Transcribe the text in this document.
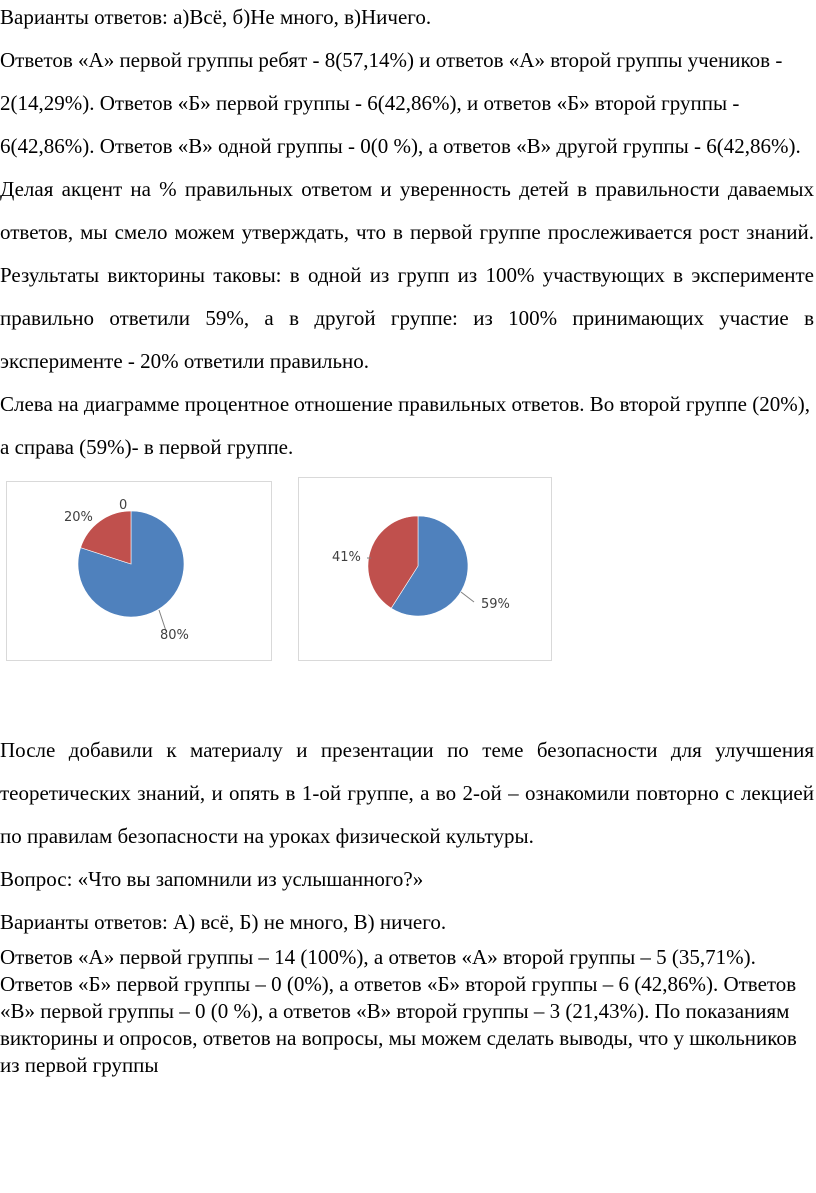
Варианты ответов: а)Всё, б)Не много, в)Ничего.

Ответов «А» первой группы ребят - 8(57,14%) и ответов «А» второй группы учеников - 2(14,29%). Ответов «Б» первой группы - 6(42,86%), и ответов «Б» второй группы - 6(42,86%). Ответов «В» одной группы - 0(0 %), а ответов «В» другой группы - 6(42,86%).

Делая акцент на % правильных ответом и уверенность детей в правильности даваемых ответов, мы смело можем утверждать, что в первой группе прослеживается рост знаний. Результаты викторины таковы: в одной из групп из 100% участвующих в эксперименте правильно ответили 59%, а в другой группе: из 100% принимающих участие в эксперименте - 20% ответили правильно.

Слева на диаграмме процентное отношение правильных ответов. Во второй группе (20%), а справа (59%)- в первой группе.

80%
20%
0
59%
41%

После добавили к материалу и презентации по теме безопасности для улучшения теоретических знаний, и опять в 1-ой группе, а во 2-ой – ознакомили повторно с лекцией по правилам безопасности на уроках физической культуры.

Вопрос: «Что вы запомнили из услышанного?»

Варианты ответов: А) всё, Б) не много, В) ничего.

Ответов «А» первой группы – 14 (100%), а ответов «А» второй группы – 5 (35,71%). Ответов «Б» первой группы – 0 (0%), а ответов «Б» второй группы – 6 (42,86%). Ответов «В» первой группы – 0 (0 %), а ответов «В» второй группы – 3 (21,43%). По показаниям викторины и опросов, ответов на вопросы, мы можем сделать выводы, что у школьников из первой группы
